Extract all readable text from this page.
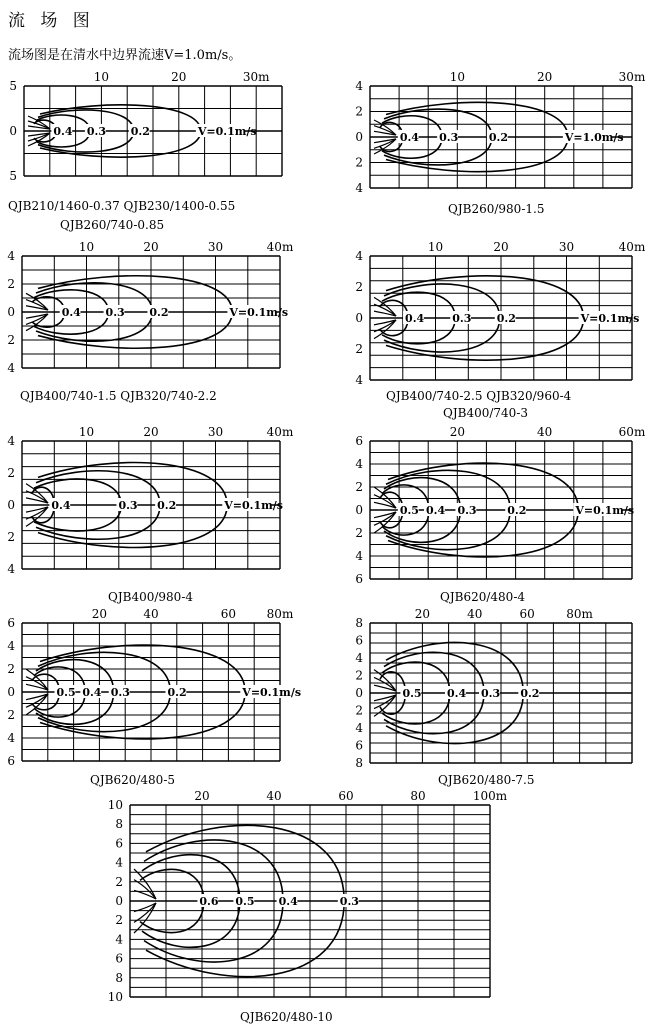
流 场 图
流场图是在清水中边界流速V=1.0m/s。
10	20	30m
5
0
5
0.4 0.3 0.2	V=0.1m/s
QJB210/1460-0.37 QJB230/1400-0.55
QJB260/740-0.85
10	20	30m
4
2
0
2
4
0.4 0.3	0.2	V=1.0m/s
QJB260/980-1.5
10	20	30	40m
4
2
0
2
4
0.4 0.3 0.2	V=0.1m/s
QJB400/740-1.5 QJB320/740-2.2
10	20	30	40m
4
2
0
2
4
0.4	0.3 0.2	V=0.1m/s
QJB400/740-2.5 QJB320/960-4
QJB400/740-3
10	20	30	40m
4
2
0
2
4
0.4	0.3 0.2	V=0.1m/s
QJB400/980-4
20	40	60m
6
4
2
0
2
4
6
0.5 0.4 0.3	0.2	V=0.1m/s
QJB620/480-4
20	40	60	80m
6
4
2
0
2
4
6
0.5 0.4 0.3	0.2	V=0.1m/s
QJB620/480-5
20	40	60	80m
8
6
4
2
0
2
4
6
8
0.5 0.4 0.3 0.2
QJB620/480-7.5
20	40	60	80	100m
10
8
6
4
2
0
2
4
6
8
10
0.6 0.5 0.4	0.3
QJB620/480-10
